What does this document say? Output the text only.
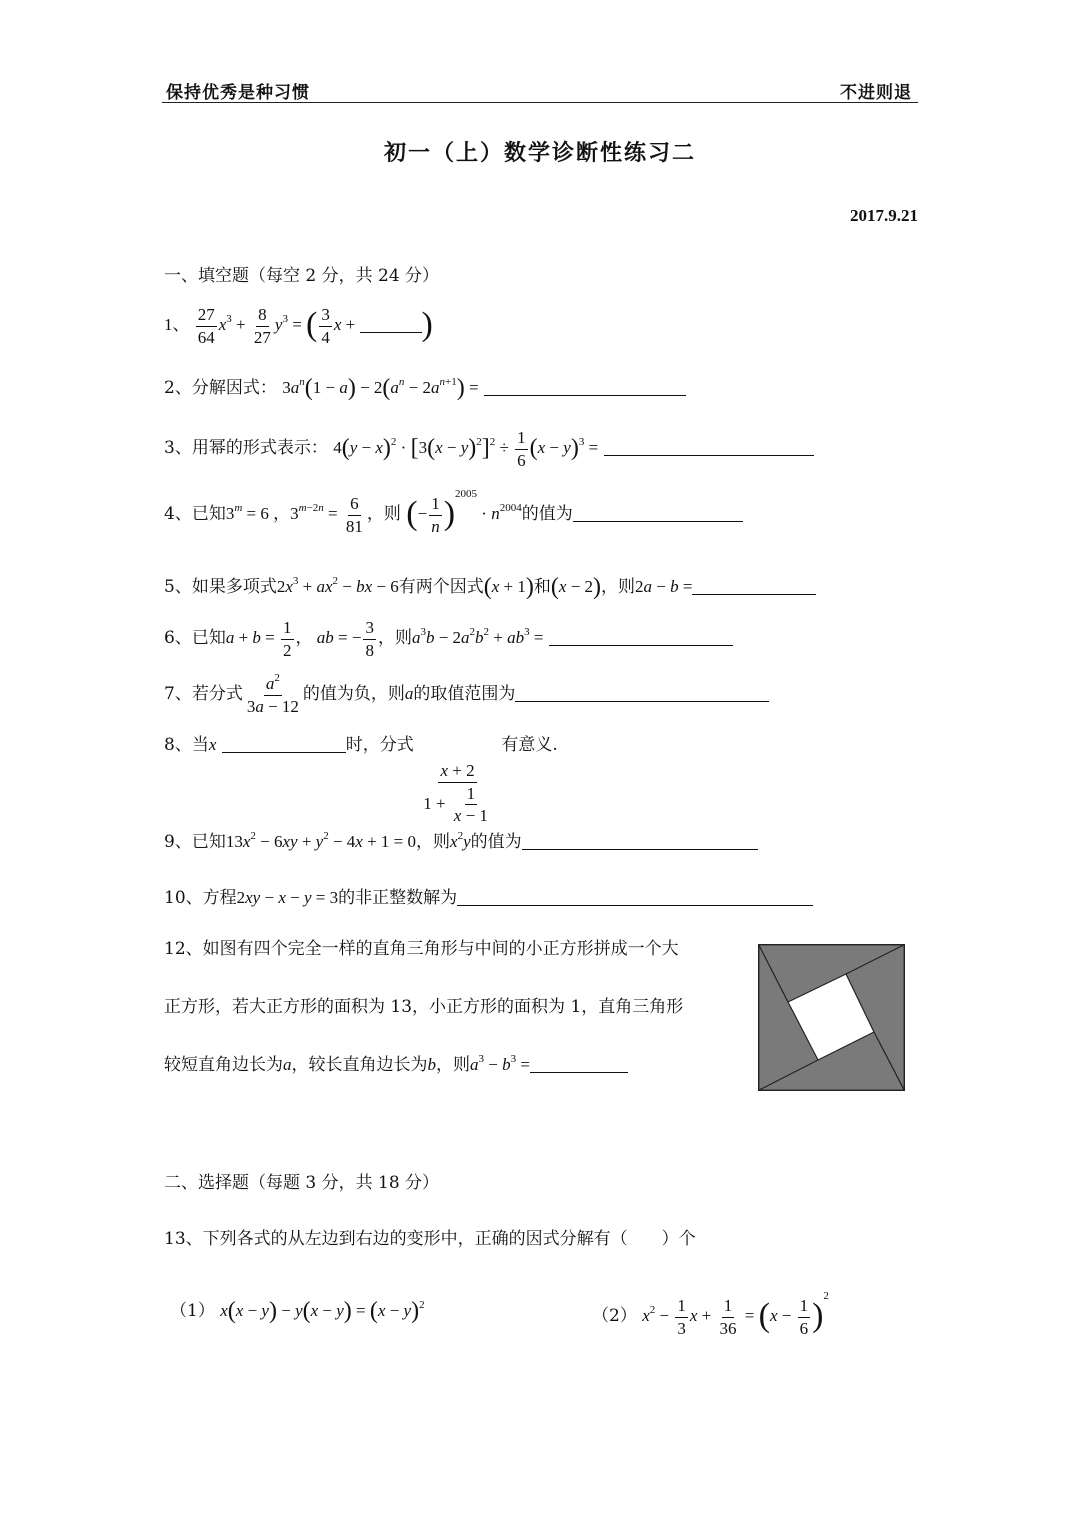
保持优秀是种习惯	不进则退
初一（上）数学诊断性练习二
2017.9.21
一、填空题（每空 2 分，共 24 分）
1、 $\frac{27}{64} x^3 + \frac{8}{27} y^3$ = ( $\frac{3}{4}$ x + )
2、分解因式： $3a^n(1 - a) - 2(a^n - 2a^{n+1})$ =
3、用幂的形式表示： $4(y - x)^2 \cdot [3(x - y)^2]^2 \div \frac{1}{6} (x - y)^3$ =
4、已知$3^m = 6$ ，$3^{m-2n} = \frac{6}{81}$ ，则 (− $\frac{1}{n} )^{2005} \cdot n^{2004}$的值为
5、如果多项式$2x^3 + ax^2$ − bx − 6有两个因式(x + 1)和(x − 2)，则2a − b =
6、已知$a + b = \frac{1}{2}$ ， ab = − $\frac{3}{8}$ ，则$a^3b - 2a^2b^2 + ab^3$ =
7、若分式 $\frac{a^2}{3a - 12}$ 的值为负，则a的取值范围为
8、当x	时，分式
$\frac{x + 2}{1 + \frac{1}{x - 1}}$
有意义.
9、已知$13x^2 - 6xy + y^2 - 4x + 1 = 0$，则$x^2y$的值为
10、方程2xy − x − y = 3的非正整数解为
12、如图有四个完全一样的直角三角形与中间的小正方形拼成一个大
正方形，若大正方形的面积为 13，小正方形的面积为 1，直角三角形
较短直角边长为a，较长直角边长为b，则$a^3 - b^3$ =
二、选择题（每题 3 分，共 18 分）
13、下列各式的从左边到右边的变形中，正确的因式分解有（　　）个
（1） $x(x - y) - y(x - y) = (x - y)^2$
（2） $x^2 - \frac{1}{3}$ $x + \frac{1}{36} = (x - \frac{1}{6} )^2$
